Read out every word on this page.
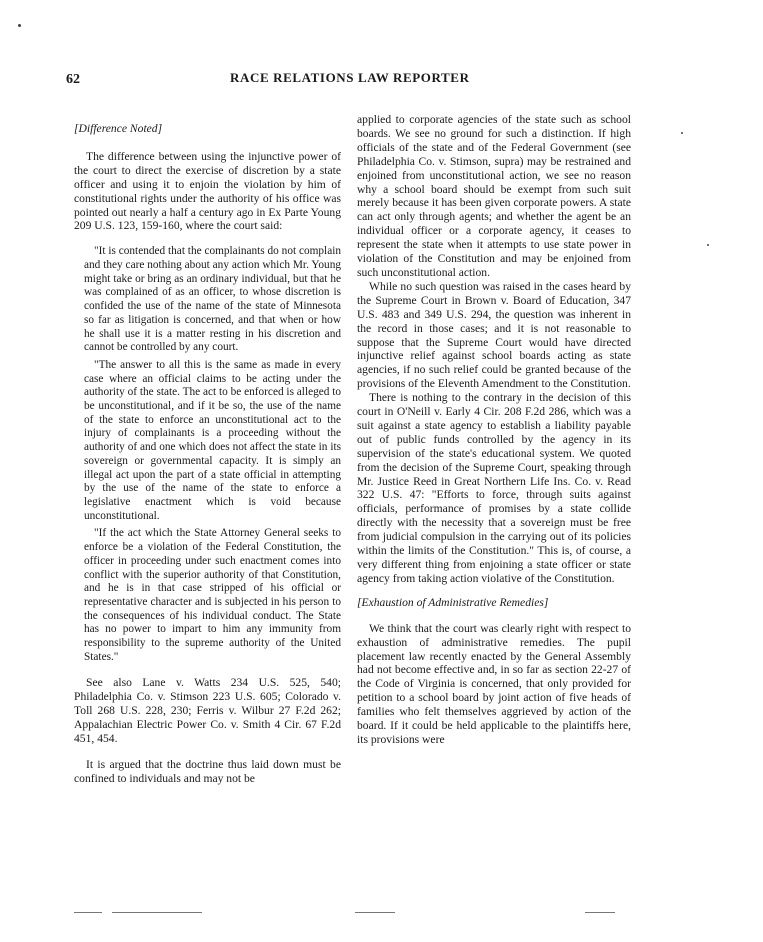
62	RACE RELATIONS LAW REPORTER
[Difference Noted]

The difference between using the injunctive power of the court to direct the exercise of discretion by a state officer and using it to enjoin the violation by him of constitutional rights under the authority of his office was pointed out nearly a half a century ago in Ex Parte Young 209 U.S. 123, 159-160, where the court said:

"It is contended that the complainants do not complain and they care nothing about any action which Mr. Young might take or bring as an ordinary individual, but that he was complained of as an officer, to whose discretion is confided the use of the name of the state of Minnesota so far as litigation is concerned, and that when or how he shall use it is a matter resting in his discretion and cannot be controlled by any court.

"The answer to all this is the same as made in every case where an official claims to be acting under the authority of the state. The act to be enforced is alleged to be unconstitutional, and if it be so, the use of the name of the state to enforce an unconstitutional act to the injury of complainants is a proceeding without the authority of and one which does not affect the state in its sovereign or governmental capacity. It is simply an illegal act upon the part of a state official in attempting by the use of the name of the state to enforce a legislative enactment which is void because unconstitutional.

"If the act which the State Attorney General seeks to enforce be a violation of the Federal Constitution, the officer in proceeding under such enactment comes into conflict with the superior authority of that Constitution, and he is in that case stripped of his official or representative character and is subjected in his person to the consequences of his individual conduct. The State has no power to impart to him any immunity from responsibility to the supreme authority of the United States."

See also Lane v. Watts 234 U.S. 525, 540; Philadelphia Co. v. Stimson 223 U.S. 605; Colorado v. Toll 268 U.S. 228, 230; Ferris v. Wilbur 27 F.2d 262; Appalachian Electric Power Co. v. Smith 4 Cir. 67 F.2d 451, 454.

It is argued that the doctrine thus laid down must be confined to individuals and may not be

applied to corporate agencies of the state such as school boards. We see no ground for such a distinction. If high officials of the state and of the Federal Government (see Philadelphia Co. v. Stimson, supra) may be restrained and enjoined from unconstitutional action, we see no reason why a school board should be exempt from such suit merely because it has been given corporate powers. A state can act only through agents; and whether the agent be an individual officer or a corporate agency, it ceases to represent the state when it attempts to use state power in violation of the Constitution and may be enjoined from such unconstitutional action.

While no such question was raised in the cases heard by the Supreme Court in Brown v. Board of Education, 347 U.S. 483 and 349 U.S. 294, the question was inherent in the record in those cases; and it is not reasonable to suppose that the Supreme Court would have directed injunctive relief against school boards acting as state agencies, if no such relief could be granted because of the provisions of the Eleventh Amendment to the Constitution.

There is nothing to the contrary in the decision of this court in O'Neill v. Early 4 Cir. 208 F.2d 286, which was a suit against a state agency to establish a liability payable out of public funds controlled by the agency in its supervision of the state's educational system. We quoted from the decision of the Supreme Court, speaking through Mr. Justice Reed in Great Northern Life Ins. Co. v. Read 322 U.S. 47: "Efforts to force, through suits against officials, performance of promises by a state collide directly with the necessity that a sovereign must be free from judicial compulsion in the carrying out of its policies within the limits of the Constitution." This is, of course, a very different thing from enjoining a state officer or state agency from taking action violative of the Constitution.

[Exhaustion of Administrative Remedies]

We think that the court was clearly right with respect to exhaustion of administrative remedies. The pupil placement law recently enacted by the General Assembly had not become effective and, in so far as section 22-27 of the Code of Virginia is concerned, that only provided for petition to a school board by joint action of five heads of families who felt themselves aggrieved by action of the board. If it could be held applicable to the plaintiffs here, its provisions were
